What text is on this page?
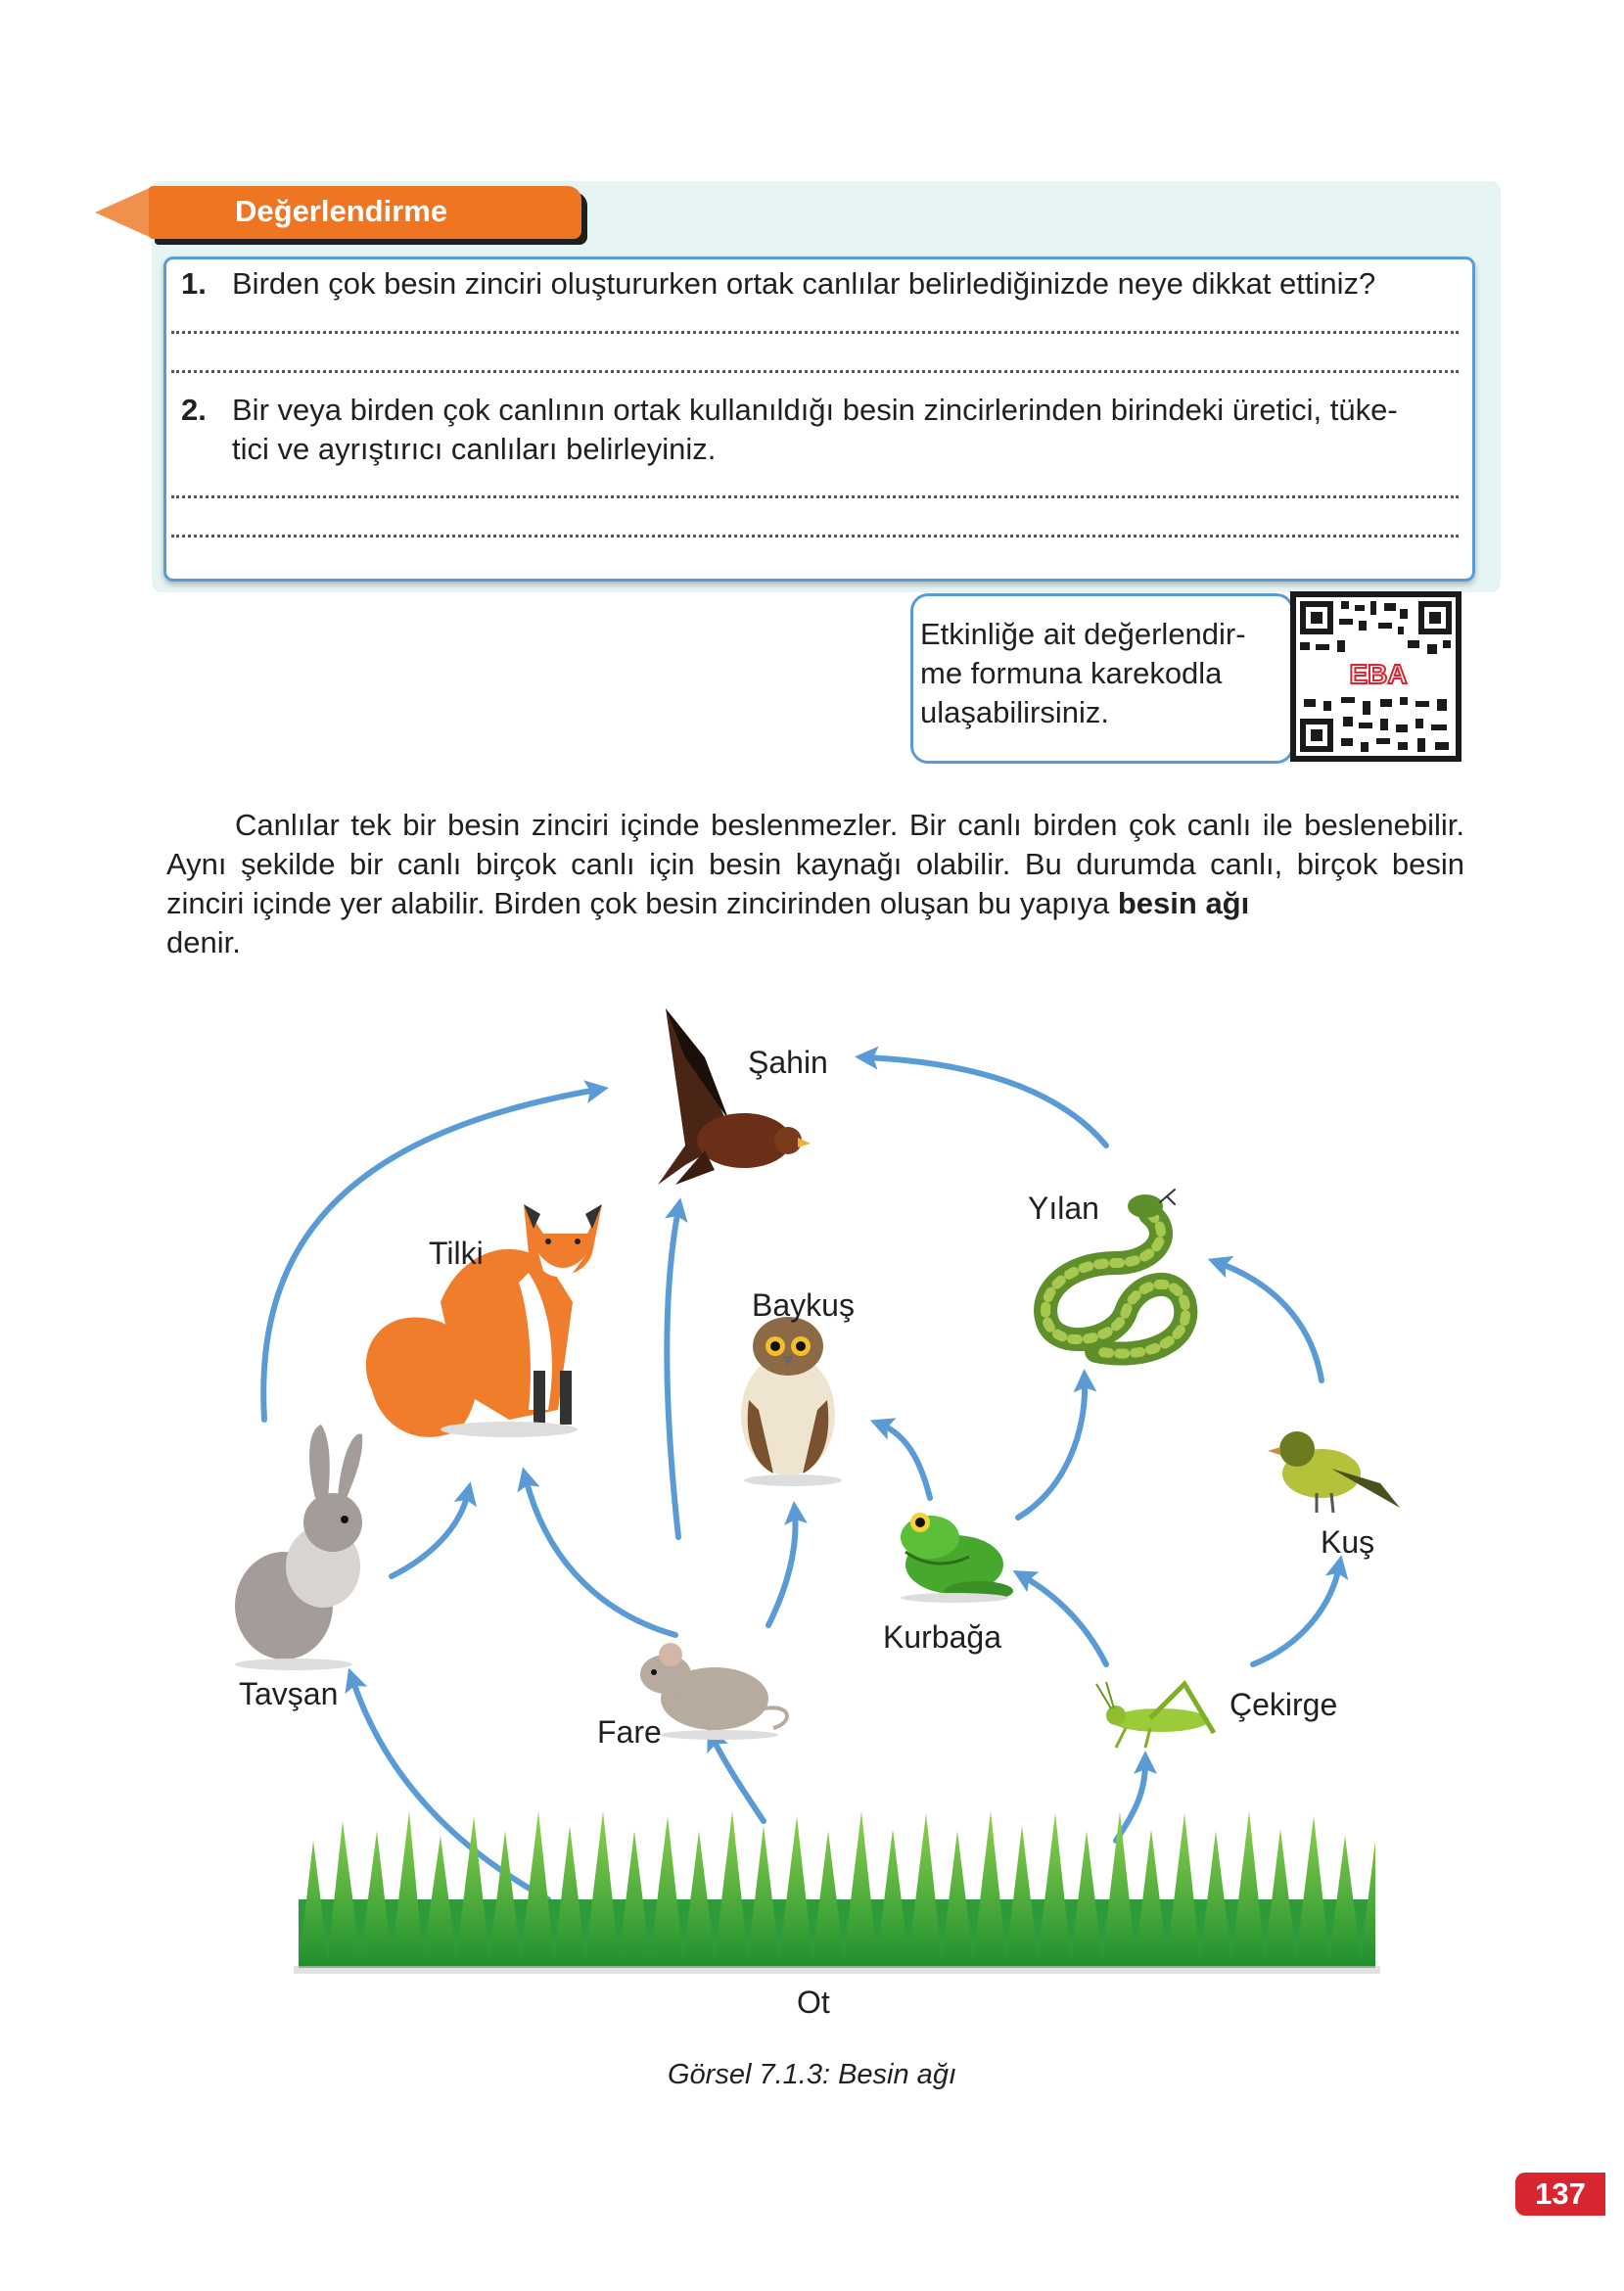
Değerlendirme
1. Birden çok besin zinciri oluştururken ortak canlılar belirlediğinizde neye dikkat ettiniz?
2. Bir veya birden çok canlının ortak kullanıldığı besin zincirlerinden birindeki üretici, tüke-
tici ve ayrıştırıcı canlıları belirleyiniz.
Etkinliğe ait değerlendir-
me formuna karekodla
ulaşabilirsiniz.
EBA
Canlılar tek bir besin zinciri içinde beslenmezler. Bir canlı birden çok canlı ile beslenebilir. Aynı şekilde bir canlı birçok canlı için besin kaynağı olabilir. Bu durumda canlı, birçok besin zinciri içinde yer alabilir. Birden çok besin zincirinden oluşan bu yapıya besin ağı
denir.
Şahin
Yılan
Tilki
Baykuş
Kuş
Kurbağa
Tavşan	Çekirge
Fare
Ot
Görsel 7.1.3: Besin ağı
137
